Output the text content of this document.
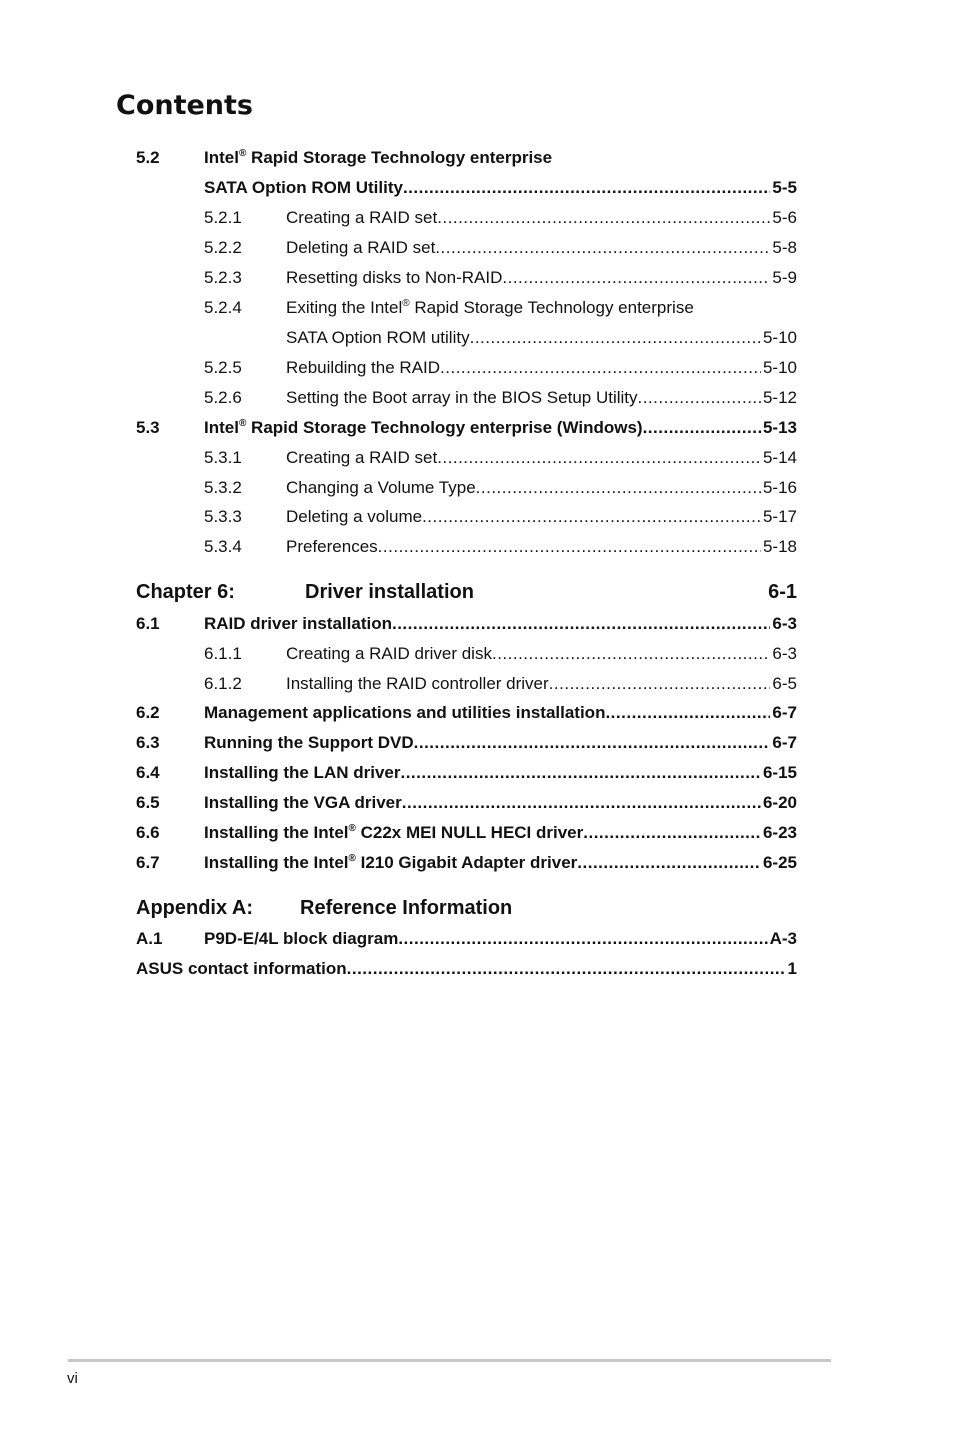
Contents
5.2	Intel® Rapid Storage Technology enterprise
SATA Option ROM Utility .....	5-5
5.2.1	Creating a RAID set .....	5-6
5.2.2	Deleting a RAID set .....	5-8
5.2.3	Resetting disks to Non-RAID .....	5-9
5.2.4	Exiting the Intel® Rapid Storage Technology enterprise
SATA Option ROM utility .....	5-10
5.2.5	Rebuilding the RAID .....	5-10
5.2.6	Setting the Boot array in the BIOS Setup Utility .....	5-12
5.3	Intel® Rapid Storage Technology enterprise (Windows) .....	5-13
5.3.1	Creating a RAID set .....	5-14
5.3.2	Changing a Volume Type .....	5-16
5.3.3	Deleting a volume .....	5-17
5.3.4	Preferences .....	5-18
Chapter 6:	Driver installation	6-1
6.1	RAID driver installation .....	6-3
6.1.1	Creating a RAID driver disk .....	6-3
6.1.2	Installing the RAID controller driver .....	6-5
6.2	Management applications and utilities installation .....	6-7
6.3	Running the Support DVD .....	6-7
6.4	Installing the LAN driver .....	6-15
6.5	Installing the VGA driver .....	6-20
6.6	Installing the Intel® C22x MEI NULL HECI driver .....	6-23
6.7	Installing the Intel® I210 Gigabit Adapter driver .....	6-25
Appendix A: Reference Information
A.1 P9D-E/4L block diagram .....	A-3
ASUS contact information .....	1
vi
